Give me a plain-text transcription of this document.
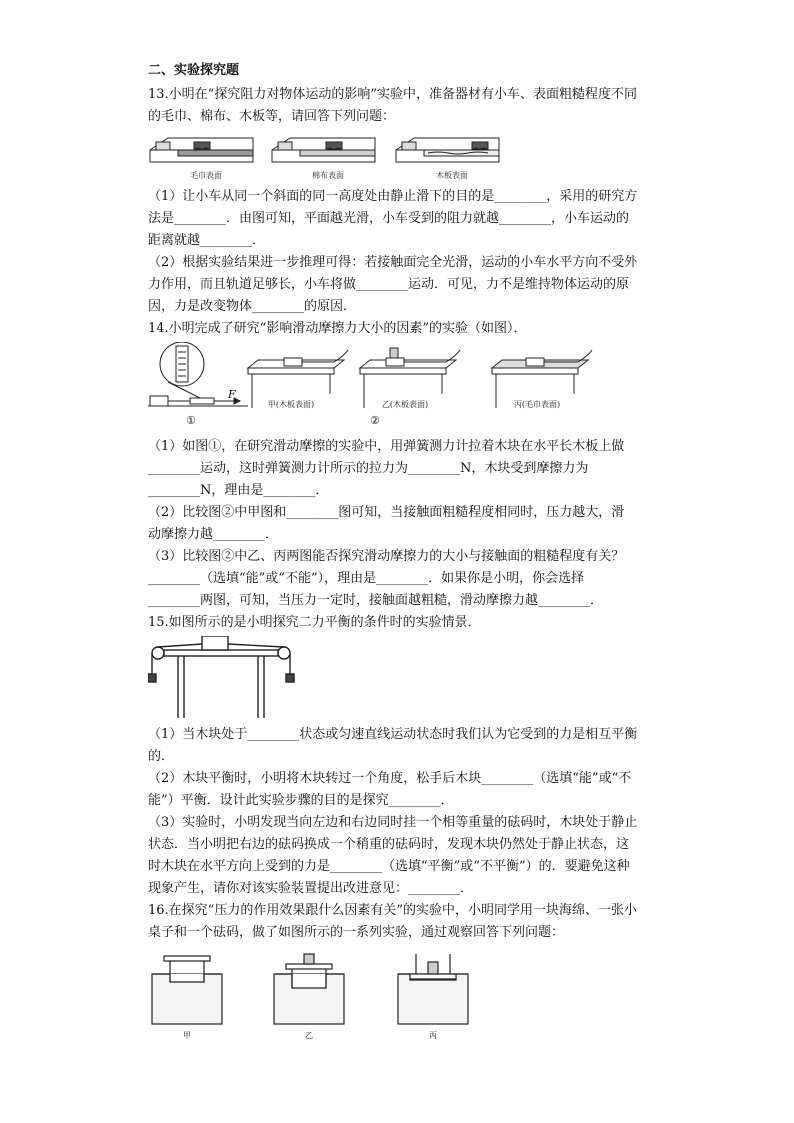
二、实验探究题
13.小明在“探究阻力对物体运动的影响”实验中，准备器材有小车、表面粗糙程度不同
的毛巾、棉布、木板等，请回答下列问题：
毛巾表面	棉布表面	木板表面
（1）让小车从同一个斜面的同一高度处由静止滑下的目的是________，采用的研究方
法是________．由图可知，平面越光滑，小车受到的阻力就越________，小车运动的
距离就越________．
（2）根据实验结果进一步推理可得：若接触面完全光滑，运动的小车水平方向不受外
力作用，而且轨道足够长，小车将做________运动．可见，力不是维持物体运动的原
因，力是改变物体________的原因．
14.小明完成了研究“影响滑动摩擦力大小的因素”的实验（如图）．
F
甲(木板表面)	乙(木板表面)	丙(毛巾表面)
①	②
（1）如图①，在研究滑动摩擦的实验中，用弹簧测力计拉着木块在水平长木板上做
________运动，这时弹簧测力计所示的拉力为________N，木块受到摩擦力为
________N，理由是________．
（2）比较图②中甲图和________图可知，当接触面粗糙程度相同时，压力越大，滑
动摩擦力越________．
（3）比较图②中乙、丙两图能否探究滑动摩擦力的大小与接触面的粗糙程度有关？
________（选填“能”或“不能”），理由是________．如果你是小明，你会选择
________两图，可知，当压力一定时，接触面越粗糙，滑动摩擦力越________．
15.如图所示的是小明探究二力平衡的条件时的实验情景．
（1）当木块处于________状态或匀速直线运动状态时我们认为它受到的力是相互平衡
的．
（2）木块平衡时，小明将木块转过一个角度，松手后木块________（选填“能”或“不
能”）平衡．设计此实验步骤的目的是探究________．
（3）实验时，小明发现当向左边和右边同时挂一个相等重量的砝码时，木块处于静止
状态．当小明把右边的砝码换成一个稍重的砝码时，发现木块仍然处于静止状态，这
时木块在水平方向上受到的力是________（选填“平衡”或“不平衡”）的．要避免这种
现象产生，请你对该实验装置提出改进意见：________．
16.在探究“压力的作用效果跟什么因素有关”的实验中，小明同学用一块海绵、一张小
桌子和一个砝码，做了如图所示的一系列实验，通过观察回答下列问题：
甲	乙	丙
